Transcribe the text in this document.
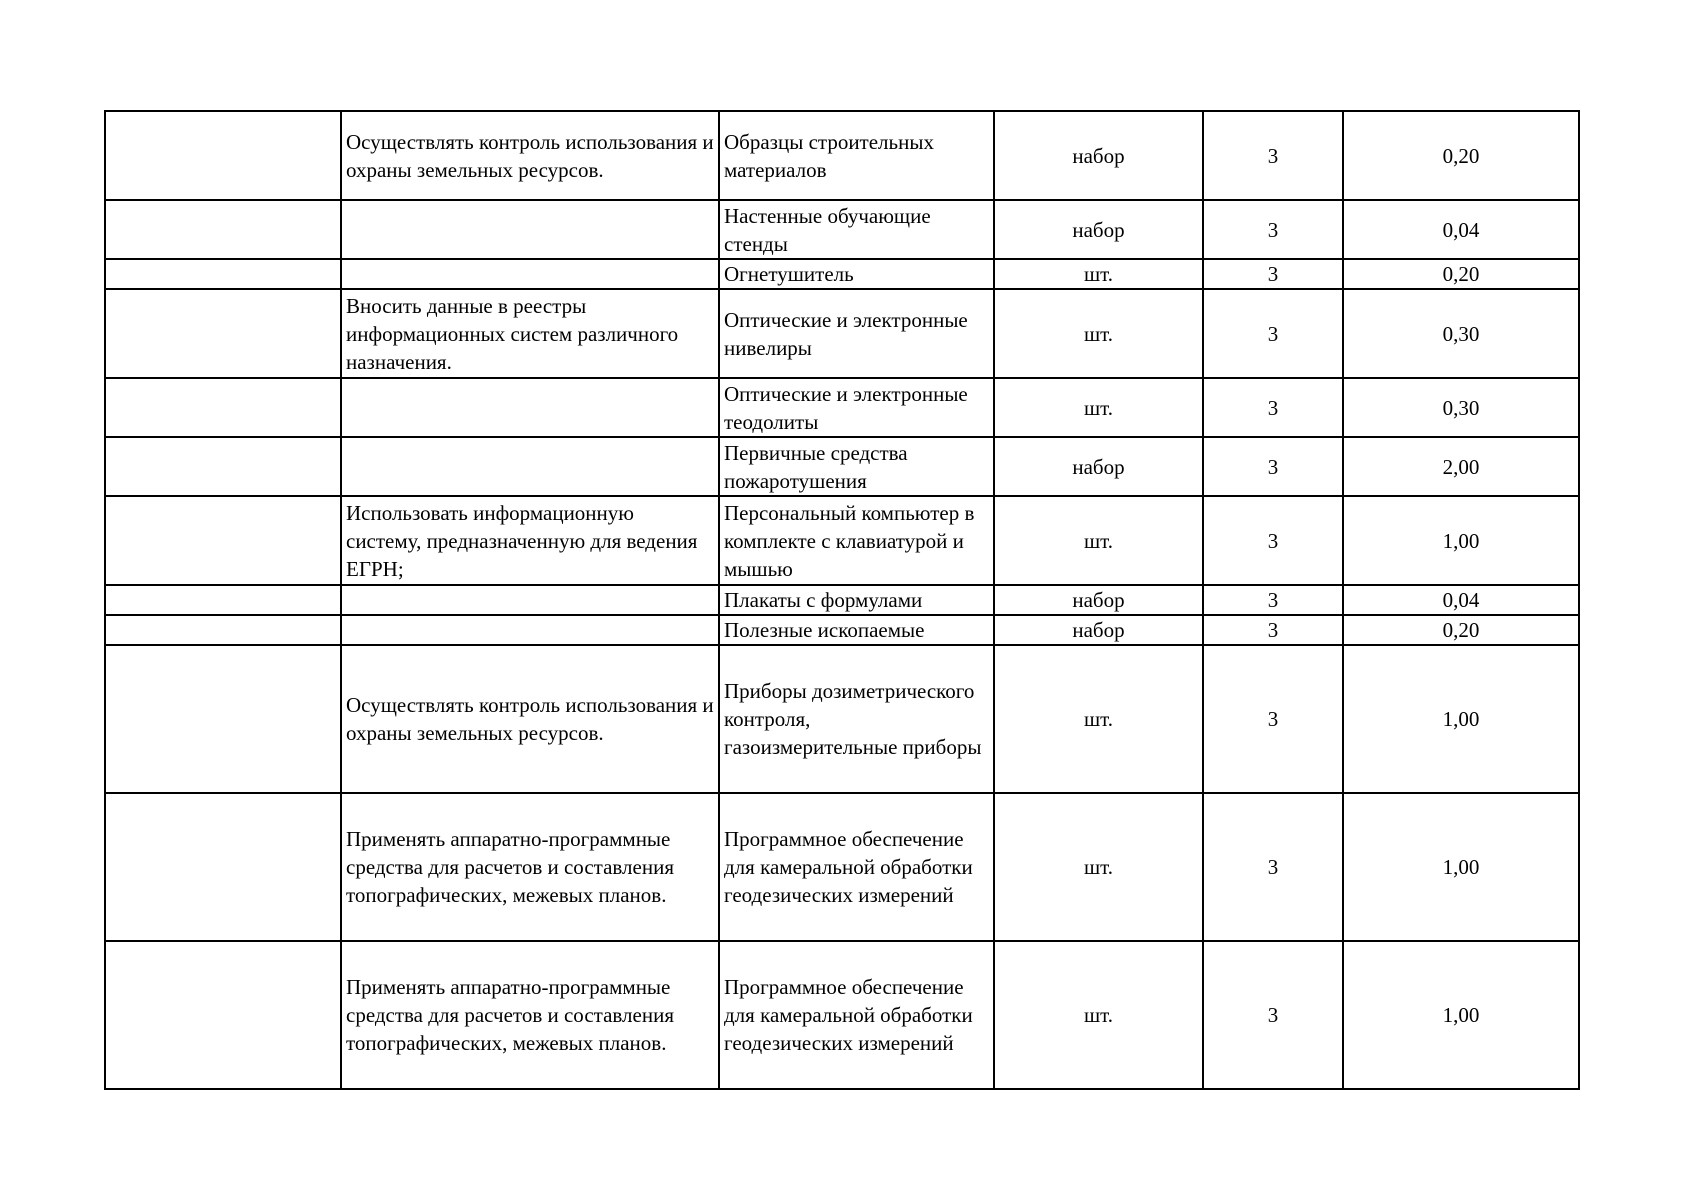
	Осуществлять контроль использования и охраны земельных ресурсов.	Образцы строительных материалов	набор	3	0,20
		Настенные обучающие стенды	набор	3	0,04
		Огнетушитель	шт.	3	0,20
	Вносить данные в реестры информационных систем различного назначения.	Оптические и электронные нивелиры	шт.	3	0,30
		Оптические и электронные теодолиты	шт.	3	0,30
		Первичные средства пожаротушения	набор	3	2,00
	Использовать информационную систему, предназначенную для ведения ЕГРН;	Персональный компьютер в комплекте с клавиатурой и мышью	шт.	3	1,00
		Плакаты с формулами	набор	3	0,04
		Полезные ископаемые	набор	3	0,20
	Осуществлять контроль использования и охраны земельных ресурсов.	Приборы дозиметрического контроля, газоизмерительные приборы	шт.	3	1,00
	Применять аппаратно-программные средства для расчетов и составления топографических, межевых планов.	Программное обеспечение для камеральной обработки геодезических измерений	шт.	3	1,00
	Применять аппаратно-программные средства для расчетов и составления топографических, межевых планов.	Программное обеспечение для камеральной обработки геодезических измерений	шт.	3	1,00
